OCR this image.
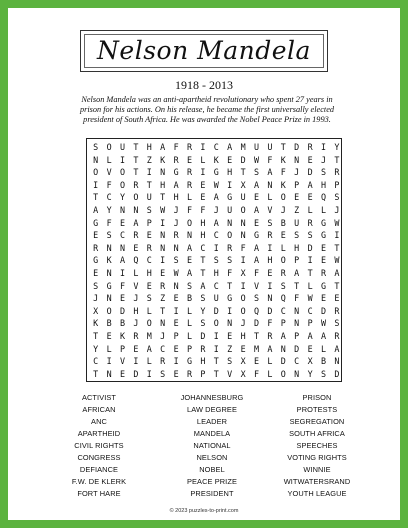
Nelson Mandela
1918 - 2013
Nelson Mandela was an anti-apartheid revolutionary who spent 27 years in prison for his actions. On his release, he became the first universally elected president of South Africa. He was awarded the Nobel Peace Prize in 1993.
S O U T H A F R I C A M U U T D R I Y
N L I T Z K R E L K E D W F K N E J T
O V O T I N G R I G H T S A F J D S R
I F O R T H A R E W I X A N K P A H P
T C Y O U T H L E A G U E L O E E Q S
A Y N N S W J F F J U O A V J Z L L J
G F E A P I J O H A N N E S B U R G W
E S C R E N R N H C O N G R E S S G I
R N N E R N N A C I R F A I L H D E T
G K A Q C I S E T S S I A H O P I E W
E N I L H E W A T H F X F E R A T R A
S G F V E R N S A C T I V I S T L G T
J N E J S Z E B S U G O S N Q F W E E
X O D H L T I L Y D I O Q D C N C D R
K B B J O N E L S O N J D F P N P W S
T E K R M J P L D I E H T R A P A A R
Y L P E A C E P R I Z E M A N D E L A
C I V I L R I G H T S X E L D C X B N
T N E D I S E R P T V X F L O N Y S D
ACTIVIST
AFRICAN
ANC
APARTHEID
CIVIL RIGHTS
CONGRESS
DEFIANCE
F.W. DE KLERK
FORT HARE
JOHANNESBURG
LAW DEGREE
LEADER
MANDELA
NATIONAL
NELSON
NOBEL
PEACE PRIZE
PRESIDENT
PRISON
PROTESTS
SEGREGATION
SOUTH AFRICA
SPEECHES
VOTING RIGHTS
WINNIE
WITWATERSRAND
YOUTH LEAGUE
© 2023 puzzles-to-print.com
